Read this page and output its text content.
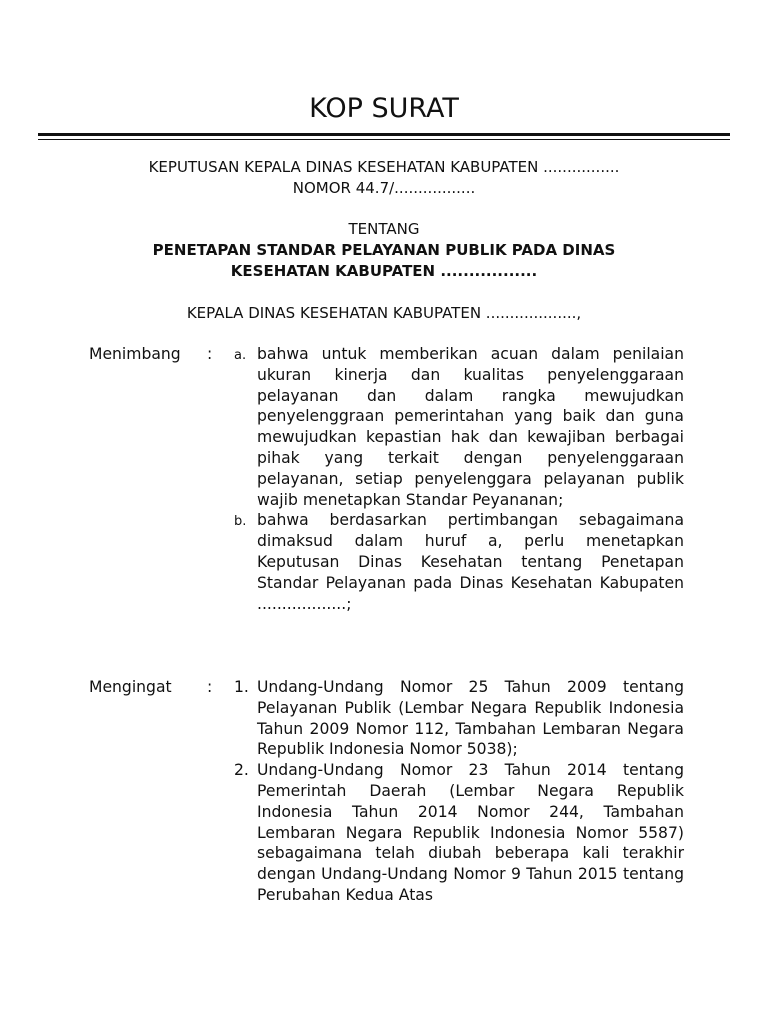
KOP SURAT
KEPUTUSAN KEPALA DINAS KESEHATAN KABUPATEN ................
NOMOR 44.7/.................
TENTANG
PENETAPAN STANDAR PELAYANAN PUBLIK PADA DINAS
KESEHATAN KABUPATEN .................
KEPALA DINAS KESEHATAN KABUPATEN ...................,
Menimbang	:	a. bahwa untuk memberikan acuan dalam penilaian ukuran kinerja dan kualitas penyelenggaraan pelayanan dan dalam rangka mewujudkan penyelenggraan pemerintahan yang baik dan guna mewujudkan kepastian hak dan kewajiban berbagai pihak yang terkait dengan penyelenggaraan pelayanan, setiap penyelenggara pelayanan publik wajib menetapkan Standar Peyananan;
b. bahwa berdasarkan pertimbangan sebagaimana dimaksud dalam huruf a, perlu menetapkan Keputusan Dinas Kesehatan tentang Penetapan Standar Pelayanan pada Dinas Kesehatan Kabupaten ..................;
Mengingat	:	1. Undang-Undang Nomor 25 Tahun 2009 tentang Pelayanan Publik (Lembar Negara Republik Indonesia Tahun 2009 Nomor 112, Tambahan Lembaran Negara Republik Indonesia Nomor 5038);
2. Undang-Undang Nomor 23 Tahun 2014 tentang Pemerintah Daerah (Lembar Negara Republik Indonesia Tahun 2014 Nomor 244, Tambahan Lembaran Negara Republik Indonesia Nomor 5587) sebagaimana telah diubah beberapa kali terakhir dengan Undang-Undang Nomor 9 Tahun 2015 tentang Perubahan Kedua Atas
